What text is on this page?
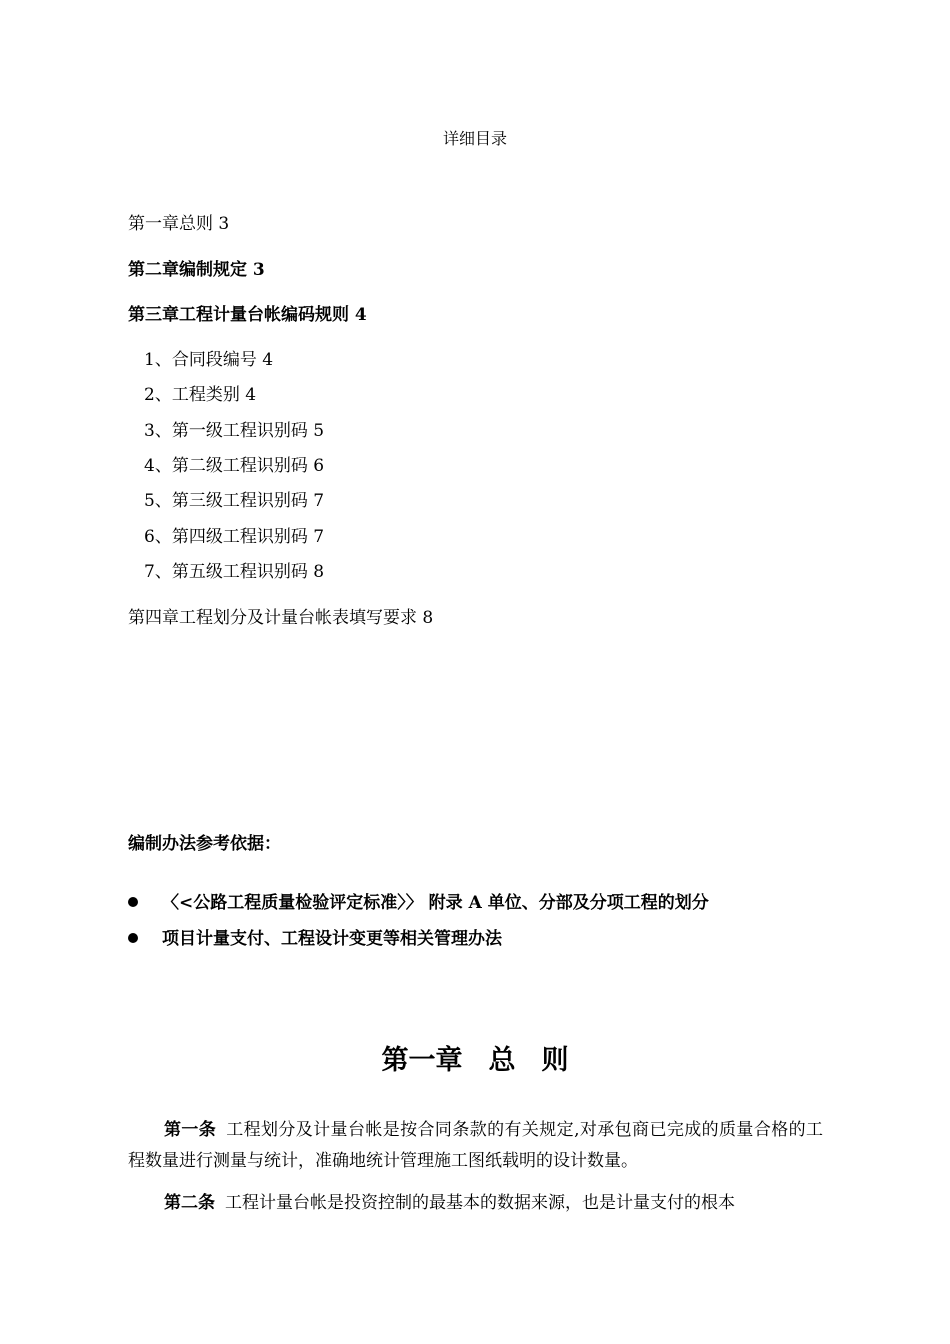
详细目录
第一章总则 3
第二章编制规定 3
第三章工程计量台帐编码规则 4
1、合同段编号 4
2、工程类别 4
3、第一级工程识别码 5
4、第二级工程识别码 6
5、第三级工程识别码 7
6、第四级工程识别码 7
7、第五级工程识别码 8
第四章工程划分及计量台帐表填写要求 8
编制办法参考依据：
〈<公路工程质量检验评定标准〉〉 附录 A 单位、分部及分项工程的划分
项目计量支付、工程设计变更等相关管理办法
第一章 总 则
第一条 工程划分及计量台帐是按合同条款的有关规定,对承包商已完成的质量合格的工程数量进行测量与统计，准确地统计管理施工图纸载明的设计数量。
第二条 工程计量台帐是投资控制的最基本的数据来源，也是计量支付的根本
